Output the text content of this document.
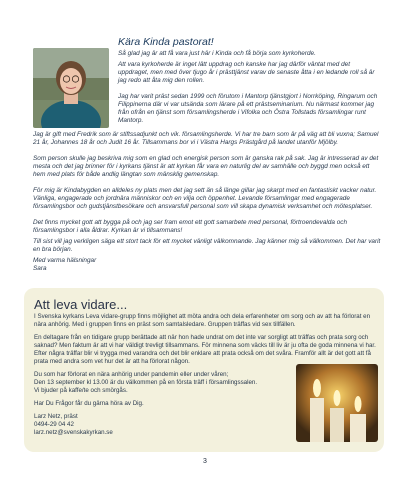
Kära Kinda pastorat!

Så glad jag är att få vara just här i Kinda och få börja som kyrkoherde.

Att vara kyrkoherde är inget lätt uppdrag och kanske har jag därför väntat med det uppdraget, men med över tjugo år i prästtjänst varav de senaste åtta i en ledande roll så är jag redo att åta mig den rollen.

Jag har varit präst sedan 1999 och förutom i Mantorp tjänstgjort i Norrköping, Ringarum och Filippinerna där vi var utsända som lärare på ett prästseminarium. Nu närmast kommer jag från ofrån en tjänst som församlingsherde i Vifolka och Östra Tollstads församlingar runt Mantorp.

Jag är gift med Fredrik som är stiftssadjunkt och vik. församlingsherde. Vi har tre barn som är på väg att bli vuxna; Samuel 21 år, Johannes 18 år och Judit 16 år. Tillsammans bor vi i Västra Hargs Prästgård på landet utanför Mjölby.

Som person skulle jag beskriva mig som en glad och energisk person som är ganska rak på sak. Jag är intresserad av det mesta och det jag brinner för i kyrkans tjänst är att kyrkan får vara en naturlig del av samhälle och byggd men också ett hem med plats för både andlig längtan som mänsklig gemenskap.

För mig är Kindabygden en alldeles ny plats men det jag sett än så länge gillar jag skarpt med en fantastiskt vacker natur. Vänliga, engagerade och jordnära människor och en vilja och öppenhet. Levande församlingar med engagerade församlingsbor och gudstjänstbesökare och ansvarsfull personal som vill skapa dynamisk verksamhet och mötesplatser.

Det finns mycket gott att bygga på och jag ser fram emot ett gott samarbete med personal, förtroendevalda och församlingsbor i alla åldrar. Kyrkan är vi tillsammans!

Till sist vill jag verkligen säga ett stort tack för ett mycket vänligt välkomnande. Jag känner mig så välkommen. Det har varit en bra början.

Med varma hälsningar

Sara

Att leva vidare...

I Svenska kyrkans Leva vidare-grupp finns möjlighet att möta andra och dela erfarenheter om sorg och av att ha förlorat en nära anhörig. Med i gruppen finns en präst som samtalsledare. Gruppen träffas vid sex tillfällen.

En deltagare från en tidigare grupp berättade att när hon hade undrat om det inte var sorgligt att träffas och prata sorg och saknad? Men faktum är att vi har väldigt trevligt tillsammans. För minnena som väcks till liv är ju ofta de goda minnena vi har. Efter några träffar blir vi trygga med varandra och det blir enklare att prata också om det svåra. Framför allt är det gott att få prata med andra som vet hur det är att ha förlorat någon.

Du som har förlorat en nära anhörig under pandemin eller under våren;
Den 13 september kl 13.00 är du välkommen på en första träff i församlingssalen.
Vi bjuder på kaffe/te och smörgås.

Har Du Frågor får du gärna höra av Dig.

Larz Netz, präst

0494-29 04 42

larz.netz@svenskakyrkan.se

3
